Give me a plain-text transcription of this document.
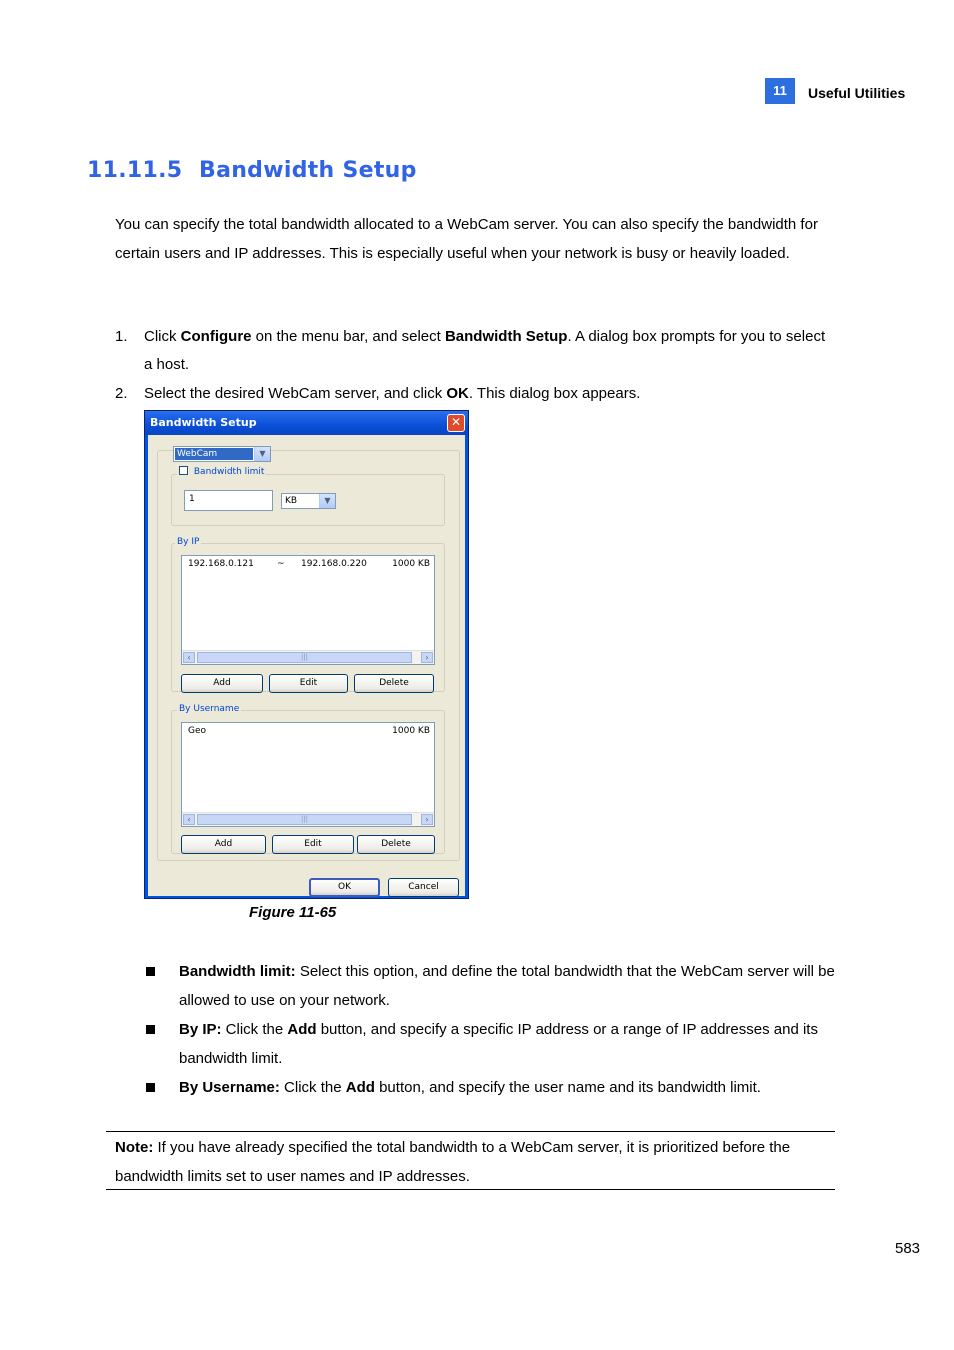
11	Useful Utilities
11.11.5 Bandwidth Setup
You can specify the total bandwidth allocated to a WebCam server. You can also specify the bandwidth for certain users and IP addresses. This is especially useful when your network is busy or heavily loaded.
1.	Click Configure on the menu bar, and select Bandwidth Setup. A dialog box prompts for you to select a host.
2.	Select the desired WebCam server, and click OK. This dialog box appears.
Bandwidth Setup	✕
WebCam	▼
Bandwidth limit
1	KB	▼
By IP
192.168.0.121	~ 192.168.0.220	1000 KB
‹	|||	›
Add	Edit	Delete
By Username
Geo	1000 KB
‹	|||	›
Add	Edit	Delete
OK	Cancel
Figure 11-65
Bandwidth limit: Select this option, and define the total bandwidth that the WebCam server will be allowed to use on your network.
By IP: Click the Add button, and specify a specific IP address or a range of IP addresses and its bandwidth limit.
By Username: Click the Add button, and specify the user name and its bandwidth limit.
Note: If you have already specified the total bandwidth to a WebCam server, it is prioritized before the bandwidth limits set to user names and IP addresses.
583
